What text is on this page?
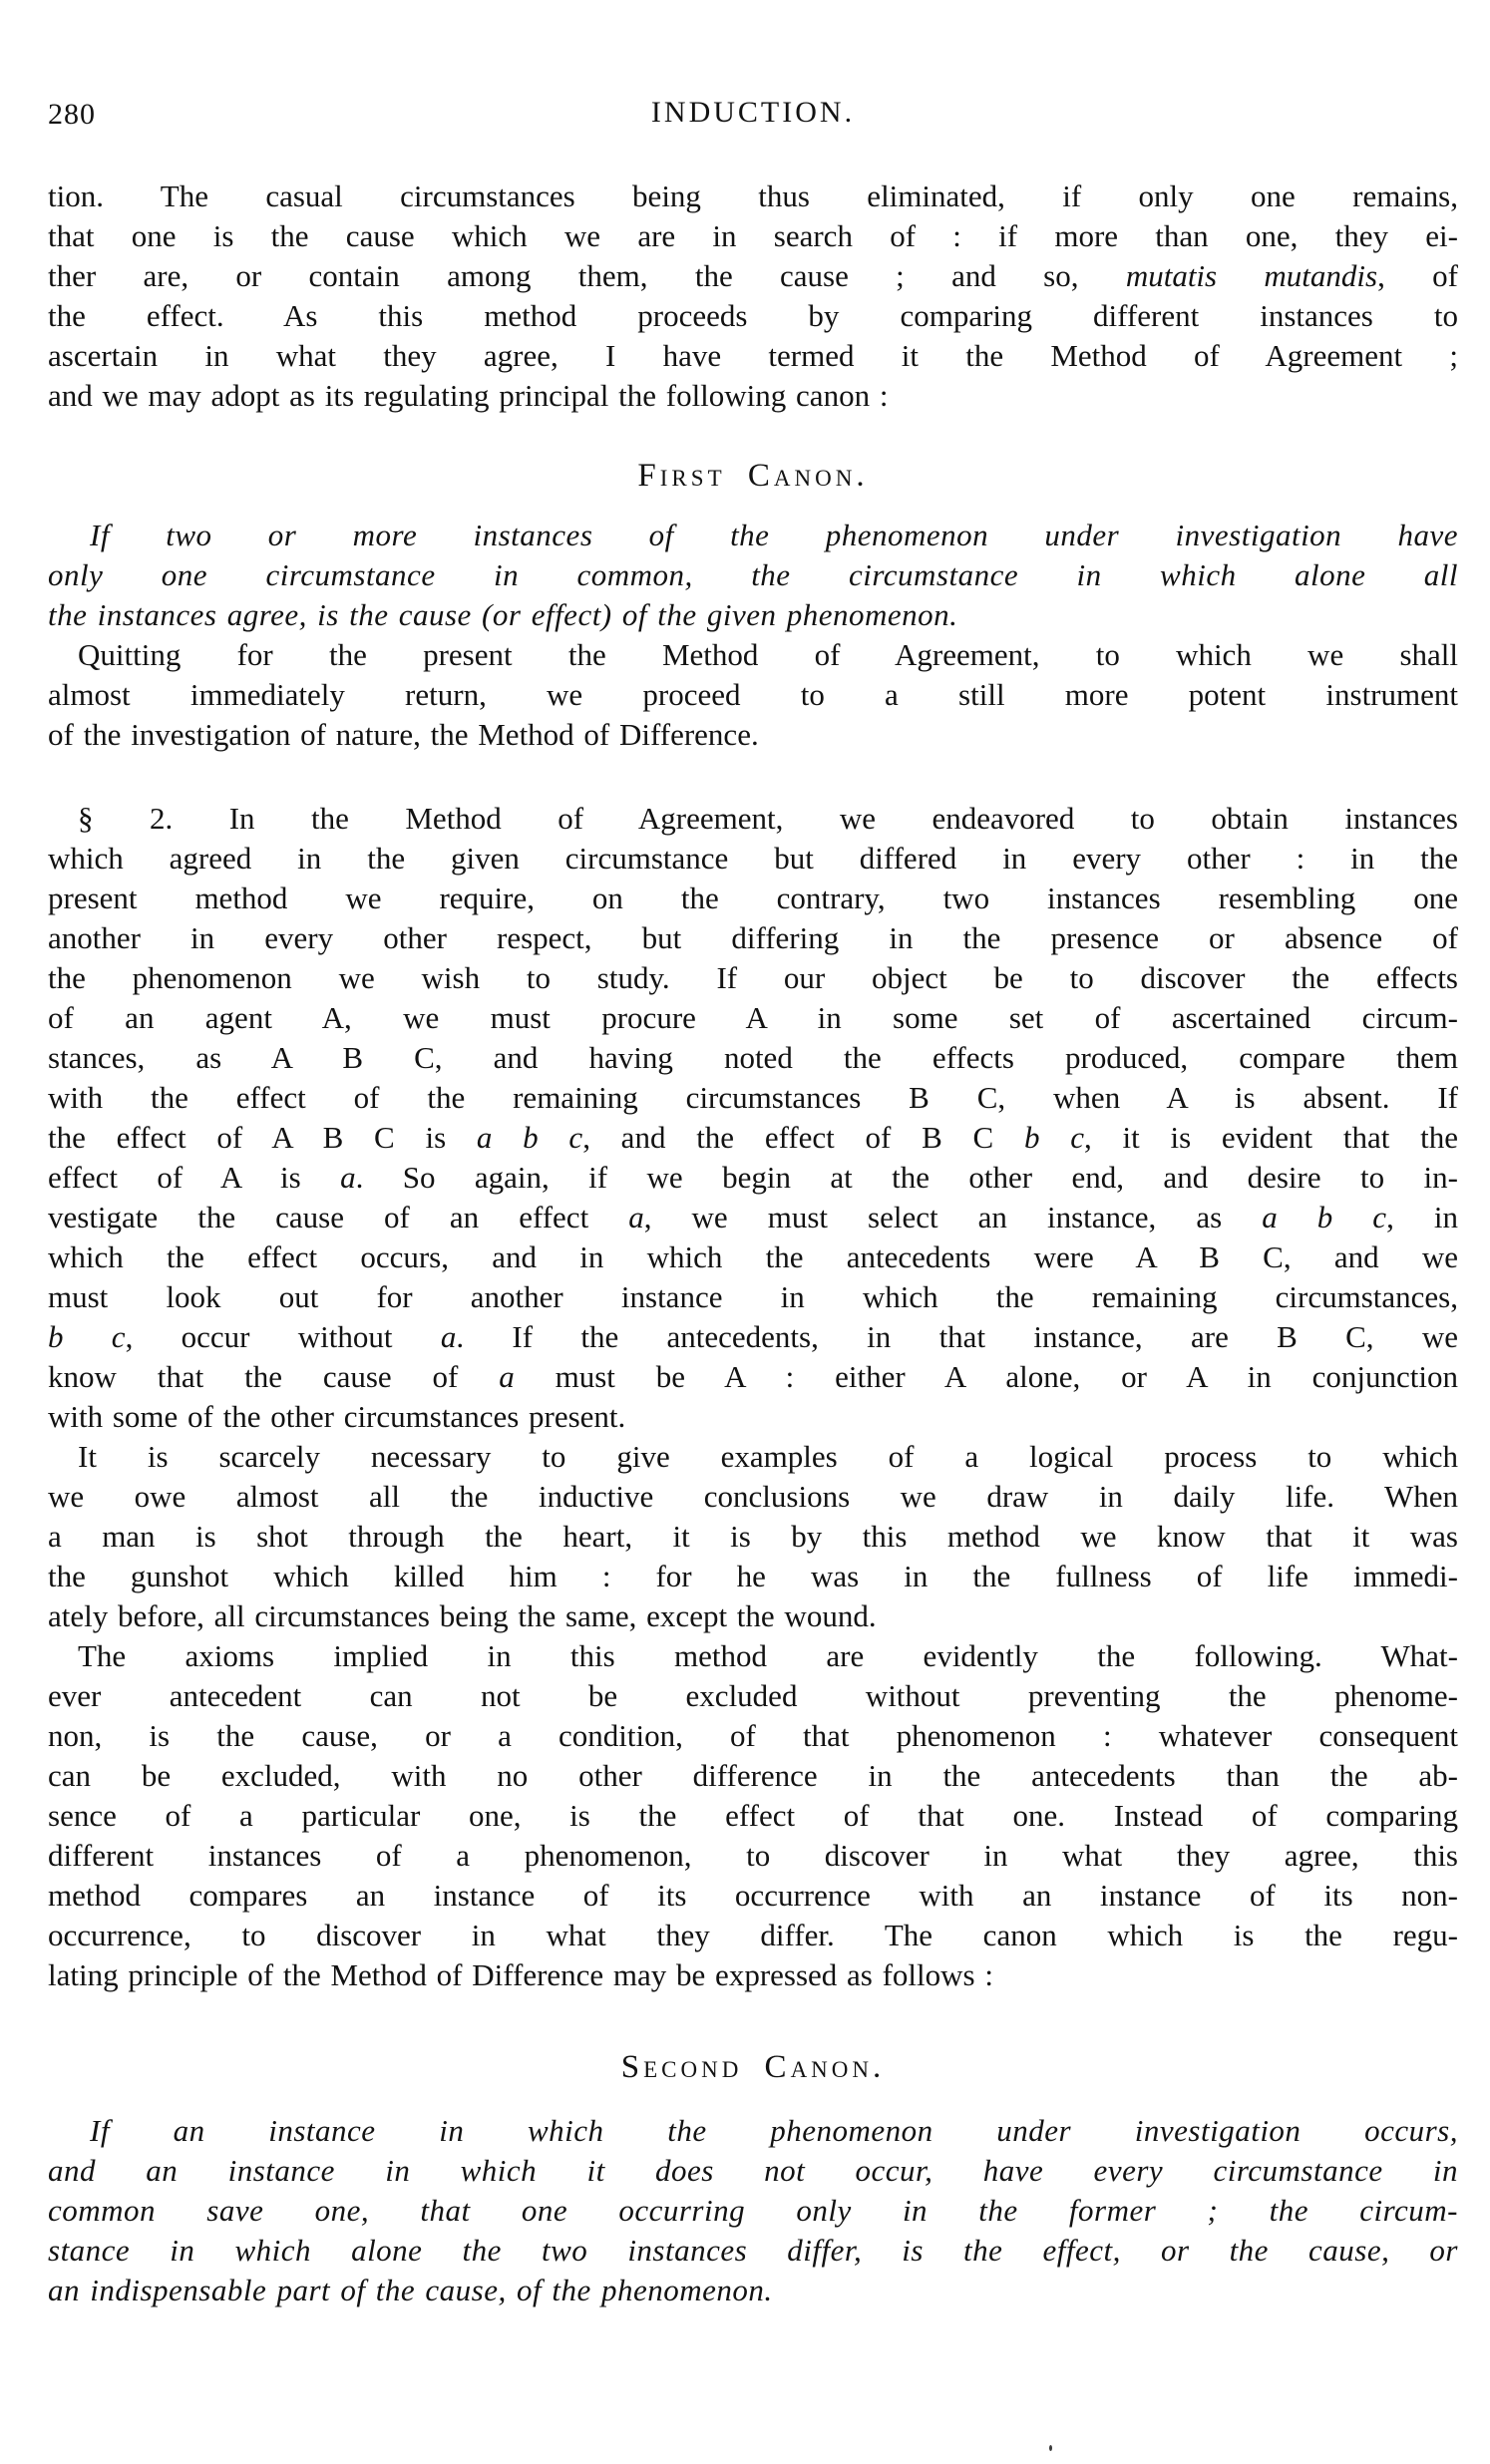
280	INDUCTION.
tion. The casual circumstances being thus eliminated, if only one remains,
that one is the cause which we are in search of : if more than one, they ei-
ther are, or contain among them, the cause ; and so, mutatis mutandis, of
the effect. As this method proceeds by comparing different instances to
ascertain in what they agree, I have termed it the Method of Agreement ;
and we may adopt as its regulating principal the following canon :
First Canon.
If two or more instances of the phenomenon under investigation have
only one circumstance in common, the circumstance in which alone all
the instances agree, is the cause (or effect) of the given phenomenon.
Quitting for the present the Method of Agreement, to which we shall
almost immediately return, we proceed to a still more potent instrument
of the investigation of nature, the Method of Difference.
§ 2. In the Method of Agreement, we endeavored to obtain instances
which agreed in the given circumstance but differed in every other : in the
present method we require, on the contrary, two instances resembling one
another in every other respect, but differing in the presence or absence of
the phenomenon we wish to study. If our object be to discover the effects
of an agent A, we must procure A in some set of ascertained circum-
stances, as A B C, and having noted the effects produced, compare them
with the effect of the remaining circumstances B C, when A is absent. If
the effect of A B C is a b c, and the effect of B C b c, it is evident that the
effect of A is a. So again, if we begin at the other end, and desire to in-
vestigate the cause of an effect a, we must select an instance, as a b c, in
which the effect occurs, and in which the antecedents were A B C, and we
must look out for another instance in which the remaining circumstances,
b c, occur without a. If the antecedents, in that instance, are B C, we
know that the cause of a must be A : either A alone, or A in conjunction
with some of the other circumstances present.
It is scarcely necessary to give examples of a logical process to which
we owe almost all the inductive conclusions we draw in daily life. When
a man is shot through the heart, it is by this method we know that it was
the gunshot which killed him : for he was in the fullness of life immedi-
ately before, all circumstances being the same, except the wound.
The axioms implied in this method are evidently the following. What-
ever antecedent can not be excluded without preventing the phenome-
non, is the cause, or a condition, of that phenomenon : whatever consequent
can be excluded, with no other difference in the antecedents than the ab-
sence of a particular one, is the effect of that one. Instead of comparing
different instances of a phenomenon, to discover in what they agree, this
method compares an instance of its occurrence with an instance of its non-
occurrence, to discover in what they differ. The canon which is the regu-
lating principle of the Method of Difference may be expressed as follows :
Second Canon.
If an instance in which the phenomenon under investigation occurs,
and an instance in which it does not occur, have every circumstance in
common save one, that one occurring only in the former ; the circum-
stance in which alone the two instances differ, is the effect, or the cause, or
an indispensable part of the cause, of the phenomenon.
